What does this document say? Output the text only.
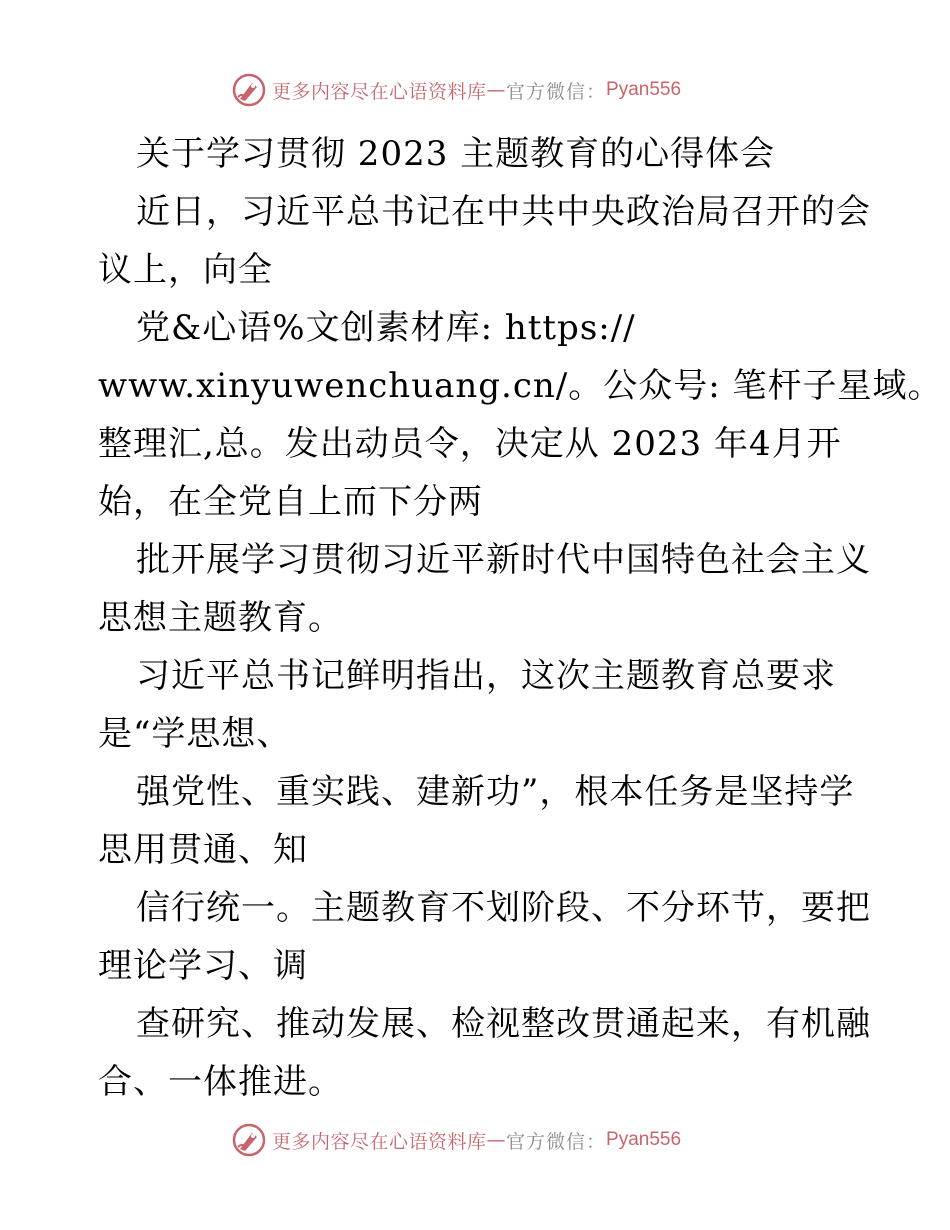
更多内容尽在心语资料库 — 官方微信： Pyan556
关于学习贯彻 2023 主题教育的心得体会
近日，习近平总书记在中共中央政治局召开的会
议上，向全
党&心语%文创素材库: https://
www.xinyuwenchuang.cn/。公众号: 笔杆子星域。
整理汇,总。发出动员令，决定从 2023 年4月开
始，在全党自上而下分两
批开展学习贯彻习近平新时代中国特色社会主义
思想主题教育。
习近平总书记鲜明指出，这次主题教育总要求
是“学思想、
强党性、重实践、建新功”，根本任务是坚持学
思用贯通、知
信行统一。主题教育不划阶段、不分环节，要把
理论学习、调
查研究、推动发展、检视整改贯通起来，有机融
合、一体推进。
更多内容尽在心语资料库 — 官方微信： Pyan556
